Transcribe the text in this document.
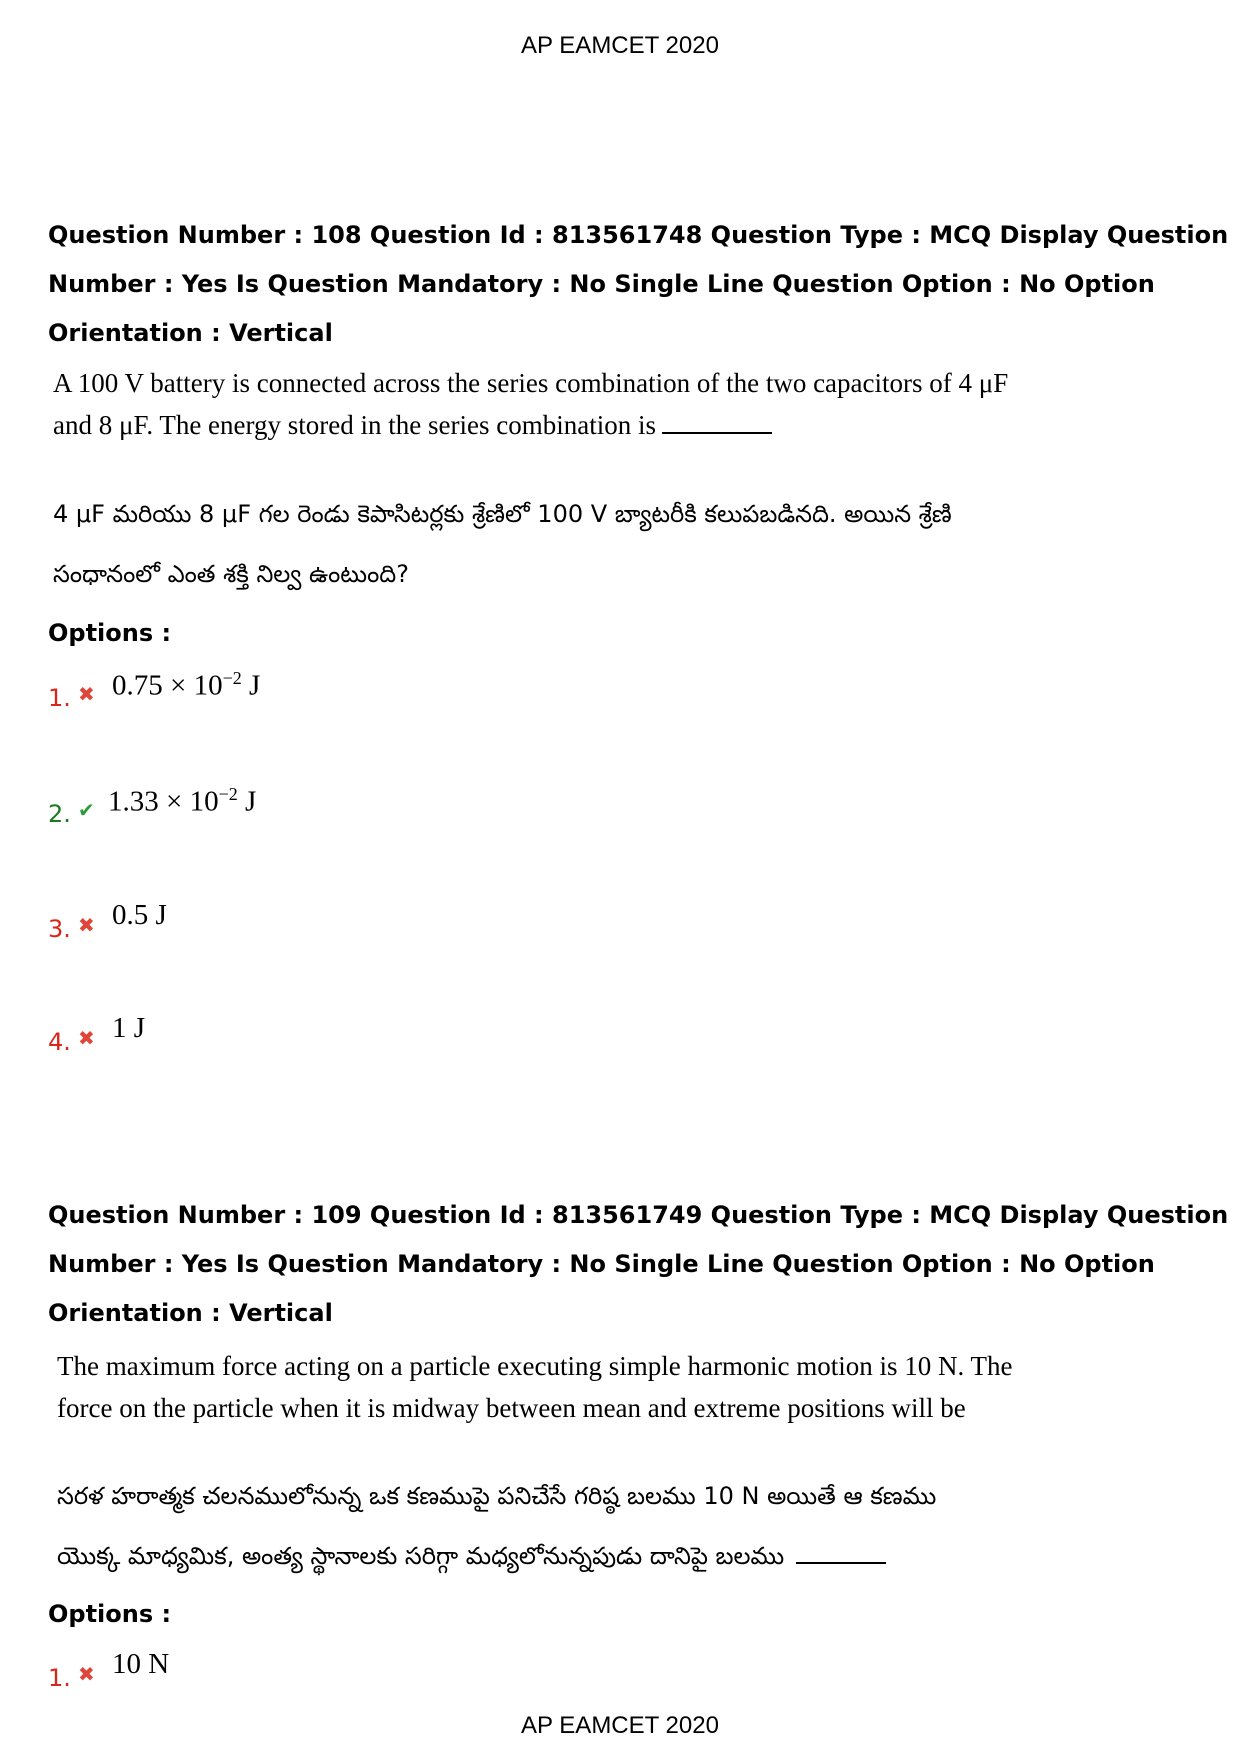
AP EAMCET 2020
Question Number : 108 Question Id : 813561748 Question Type : MCQ Display Question
Number : Yes Is Question Mandatory : No Single Line Question Option : No Option
Orientation : Vertical
A 100 V battery is connected across the series combination of the two capacitors of 4 μF
and 8 μF. The energy stored in the series combination is
4 μF మరియు 8 μF గల రెండు కెపాసిటర్లకు శ్రేణిలో 100 V బ్యాటరీకి కలుపబడినది. అయిన శ్రేణి
సంధానంలో ఎంత శక్తి నిల్వ ఉంటుంది?
Options :
1. ✖ $0.75 \times 10^{-2}$ J
2. ✔ $1.33 \times 10^{-2}$ J
3. ✖ 0.5 J
4. ✖ 1 J
Question Number : 109 Question Id : 813561749 Question Type : MCQ Display Question
Number : Yes Is Question Mandatory : No Single Line Question Option : No Option
Orientation : Vertical
The maximum force acting on a particle executing simple harmonic motion is 10 N. The
force on the particle when it is midway between mean and extreme positions will be
సరళ హరాత్మక చలనములోనున్న ఒక కణముపై పనిచేసే గరిష్ఠ బలము 10 N అయితే ఆ కణము
యొక్క మాధ్యమిక, అంత్య స్థానాలకు సరిగ్గా మధ్యలోనున్నపుడు దానిపై బలము
Options :
1. ✖ 10 N
AP EAMCET 2020
